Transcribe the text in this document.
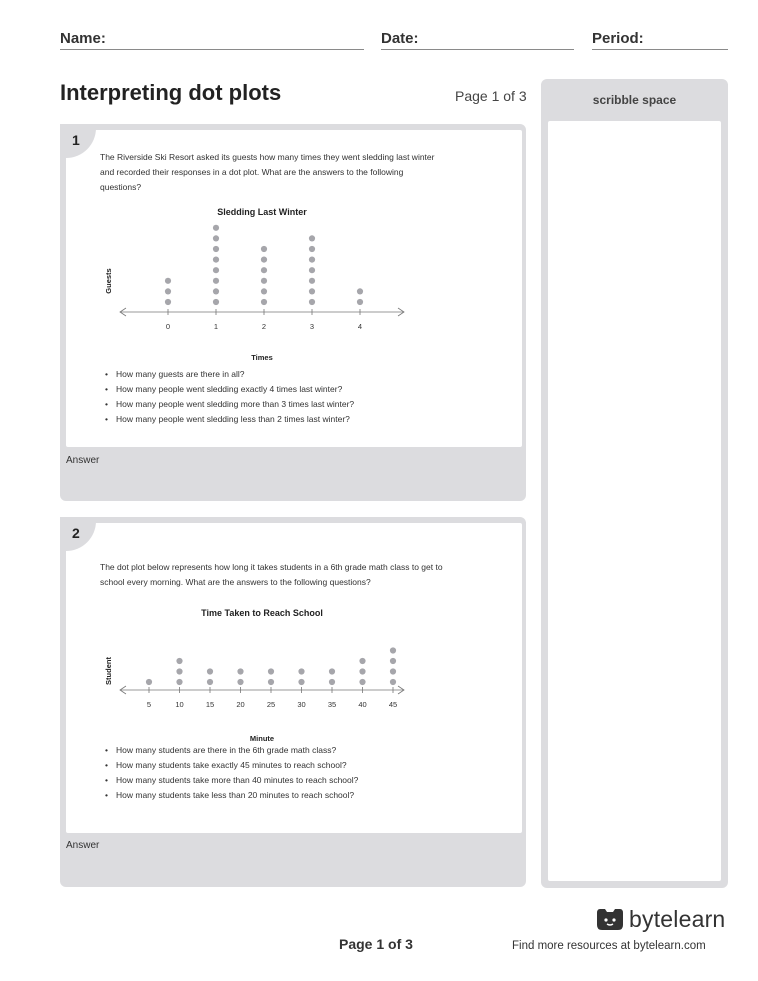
Name:	Date:	Period:
Interpreting dot plots	Page 1 of 3	scribble space
1
The Riverside Ski Resort asked its guests how many times they went sledding last winter and recorded their responses in a dot plot. What are the answers to the following questions?
Sledding Last Winter
Guests
0	1	2	3	4
Times
• How many guests are there in all?
• How many people went sledding exactly 4 times last winter?
• How many people went sledding more than 3 times last winter?
• How many people went sledding less than 2 times last winter?
Answer
2
The dot plot below represents how long it takes students in a 6th grade math class to get to school every morning. What are the answers to the following questions?
Time Taken to Reach School
Student
5	10	15	20	25	30	35	40	45
Minute
• How many students are there in the 6th grade math class?
• How many students take exactly 45 minutes to reach school?
• How many students take more than 40 minutes to reach school?
• How many students take less than 20 minutes to reach school?
Answer
bytelearn
Page 1 of 3	Find more resources at bytelearn.com
